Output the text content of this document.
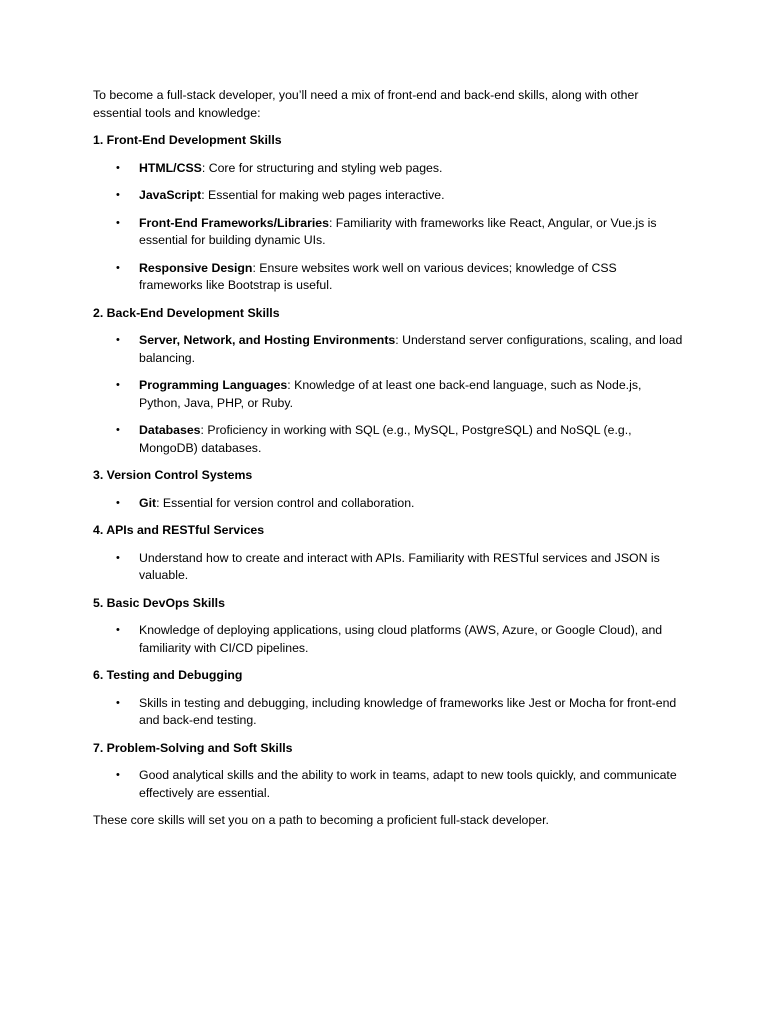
To become a full-stack developer, you’ll need a mix of front-end and back-end skills, along with other essential tools and knowledge:

1. Front-End Development Skills

• HTML/CSS: Core for structuring and styling web pages.
• JavaScript: Essential for making web pages interactive.
• Front-End Frameworks/Libraries: Familiarity with frameworks like React, Angular, or Vue.js is essential for building dynamic UIs.
• Responsive Design: Ensure websites work well on various devices; knowledge of CSS frameworks like Bootstrap is useful.

2. Back-End Development Skills

• Server, Network, and Hosting Environments: Understand server configurations, scaling, and load balancing.
• Programming Languages: Knowledge of at least one back-end language, such as Node.js, Python, Java, PHP, or Ruby.
• Databases: Proficiency in working with SQL (e.g., MySQL, PostgreSQL) and NoSQL (e.g., MongoDB) databases.

3. Version Control Systems

• Git: Essential for version control and collaboration.

4. APIs and RESTful Services

• Understand how to create and interact with APIs. Familiarity with RESTful services and JSON is valuable.

5. Basic DevOps Skills

• Knowledge of deploying applications, using cloud platforms (AWS, Azure, or Google Cloud), and familiarity with CI/CD pipelines.

6. Testing and Debugging

• Skills in testing and debugging, including knowledge of frameworks like Jest or Mocha for front-end and back-end testing.

7. Problem-Solving and Soft Skills

• Good analytical skills and the ability to work in teams, adapt to new tools quickly, and communicate effectively are essential.

These core skills will set you on a path to becoming a proficient full-stack developer.
